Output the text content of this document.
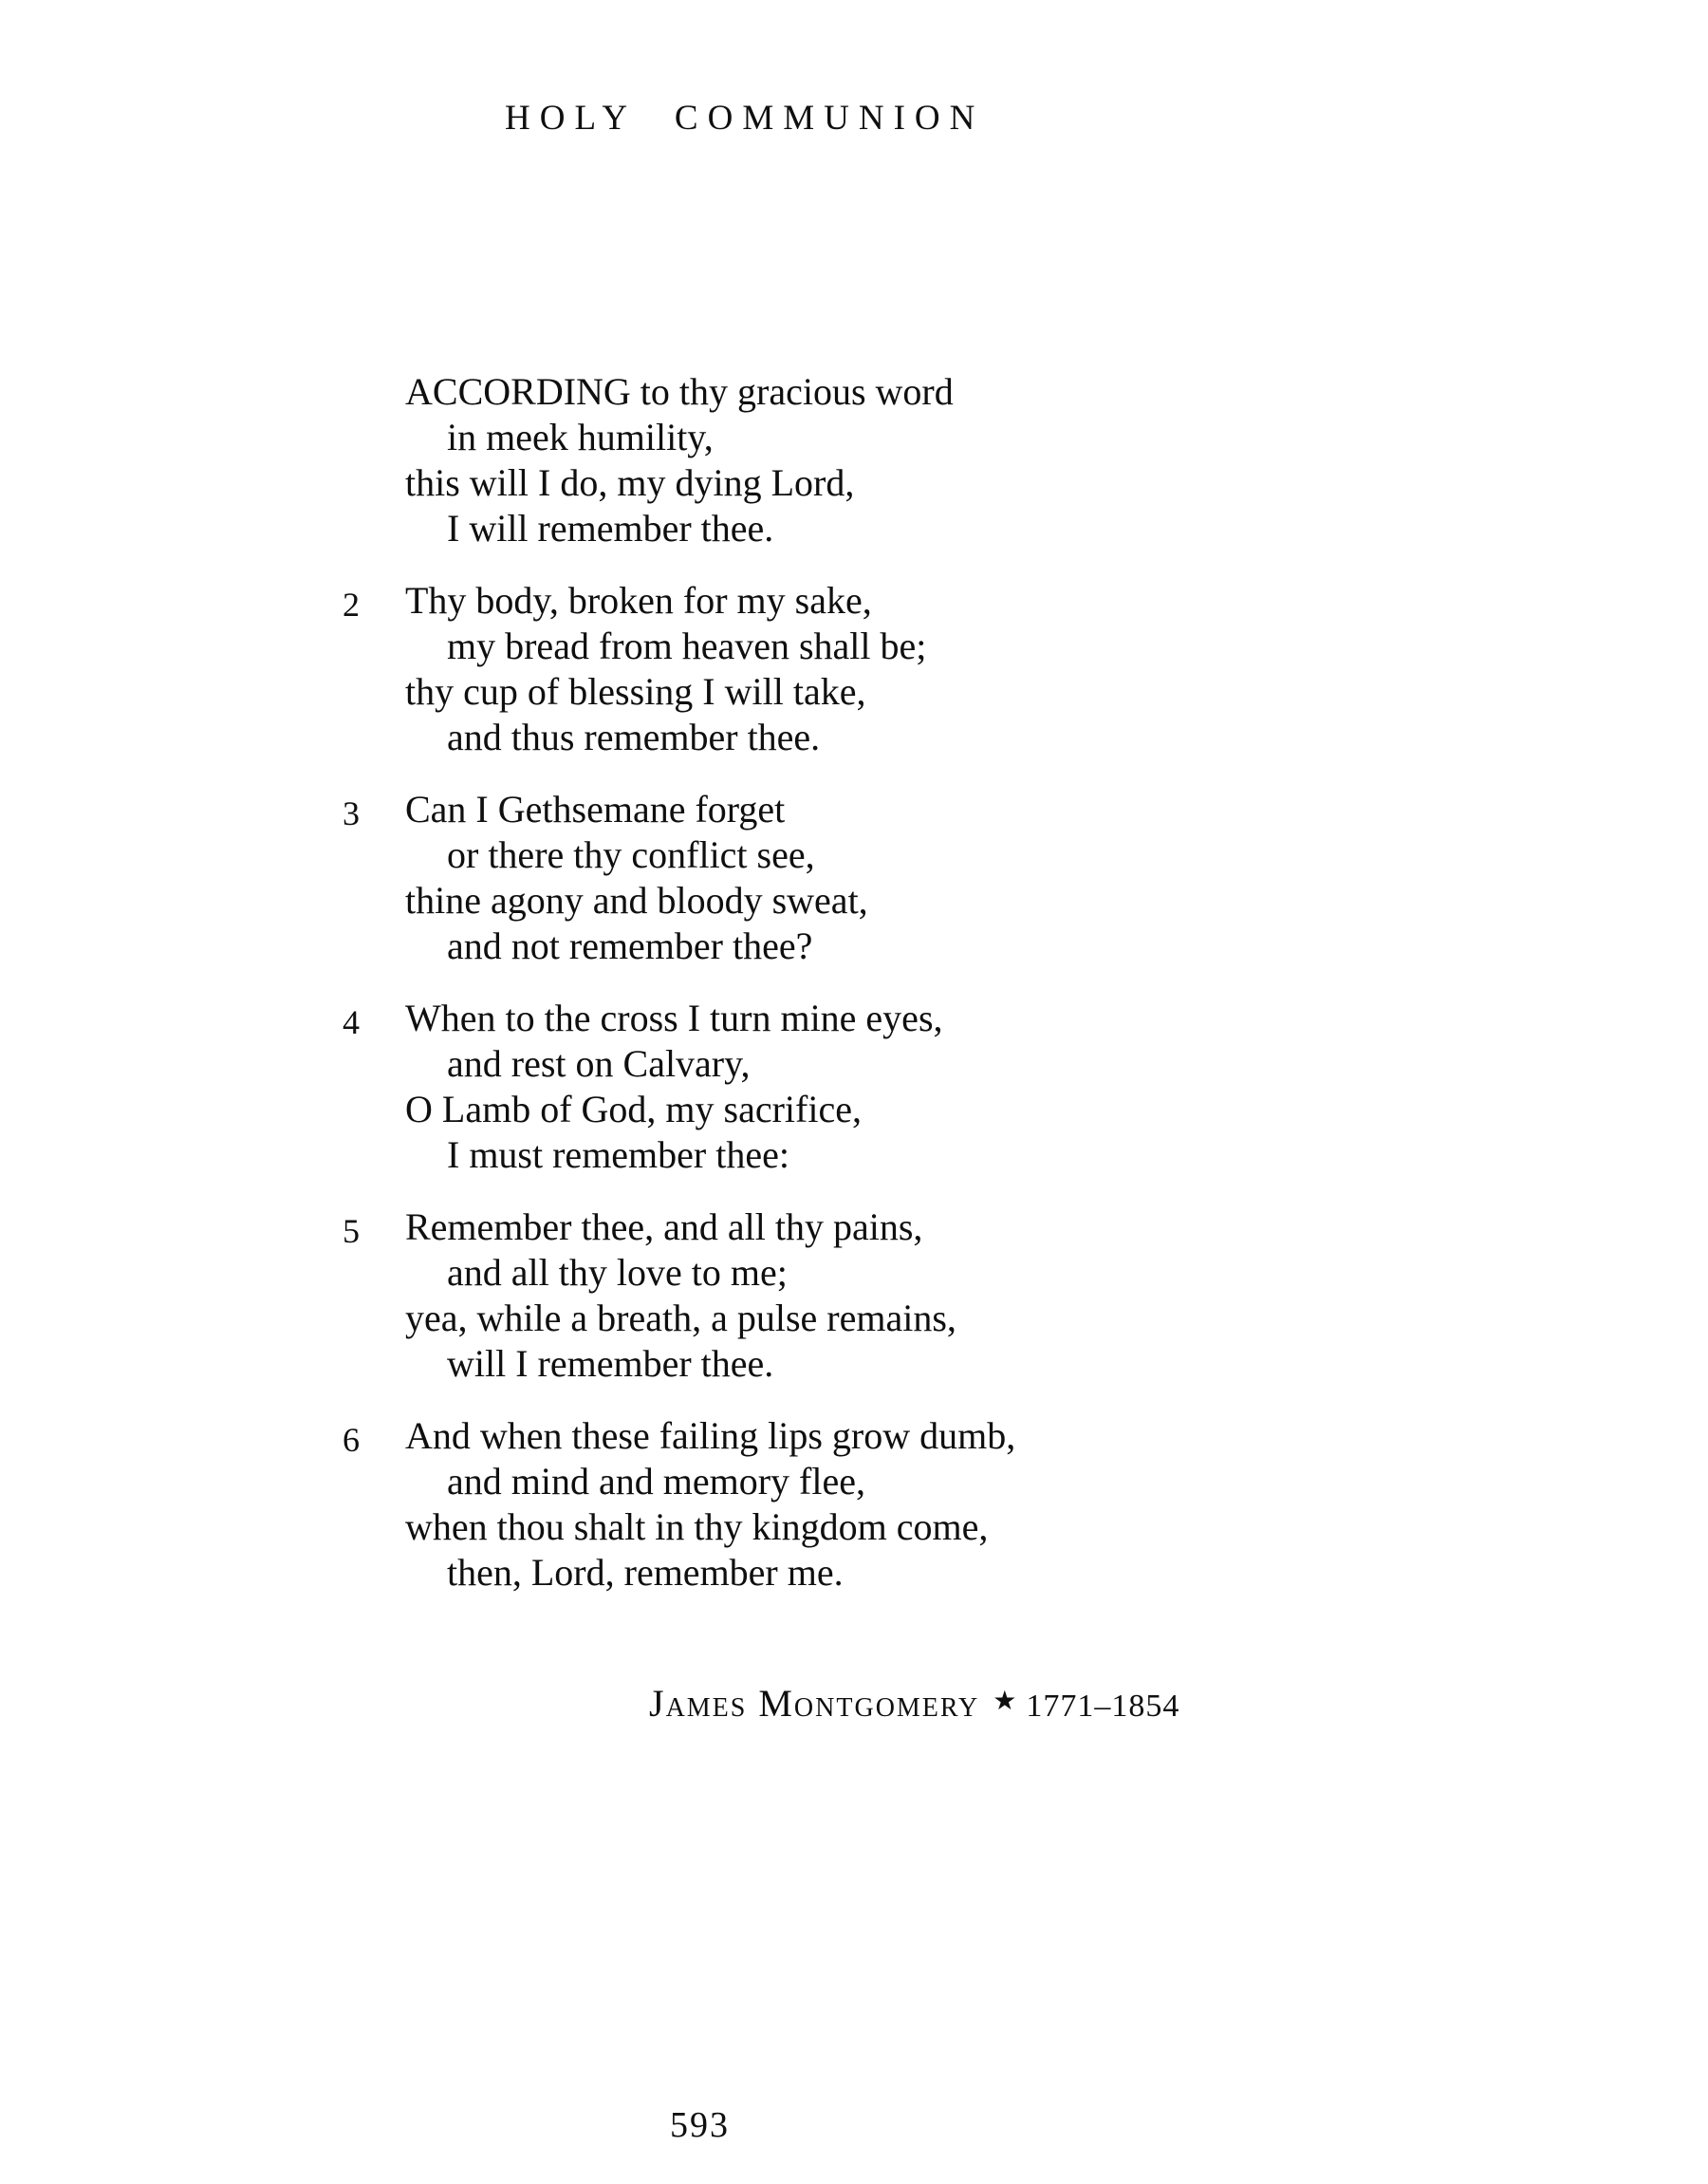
HOLY COMMUNION
ACCORDING to thy gracious word
in meek humility,
this will I do, my dying Lord,
I will remember thee.
2 Thy body, broken for my sake,
my bread from heaven shall be;
thy cup of blessing I will take,
and thus remember thee.
3 Can I Gethsemane forget
or there thy conflict see,
thine agony and bloody sweat,
and not remember thee?
4 When to the cross I turn mine eyes,
and rest on Calvary,
O Lamb of God, my sacrifice,
I must remember thee:
5 Remember thee, and all thy pains,
and all thy love to me;
yea, while a breath, a pulse remains,
will I remember thee.
6 And when these failing lips grow dumb,
and mind and memory flee,
when thou shalt in thy kingdom come,
then, Lord, remember me.
James Montgomery ★ 1771–1854
593
